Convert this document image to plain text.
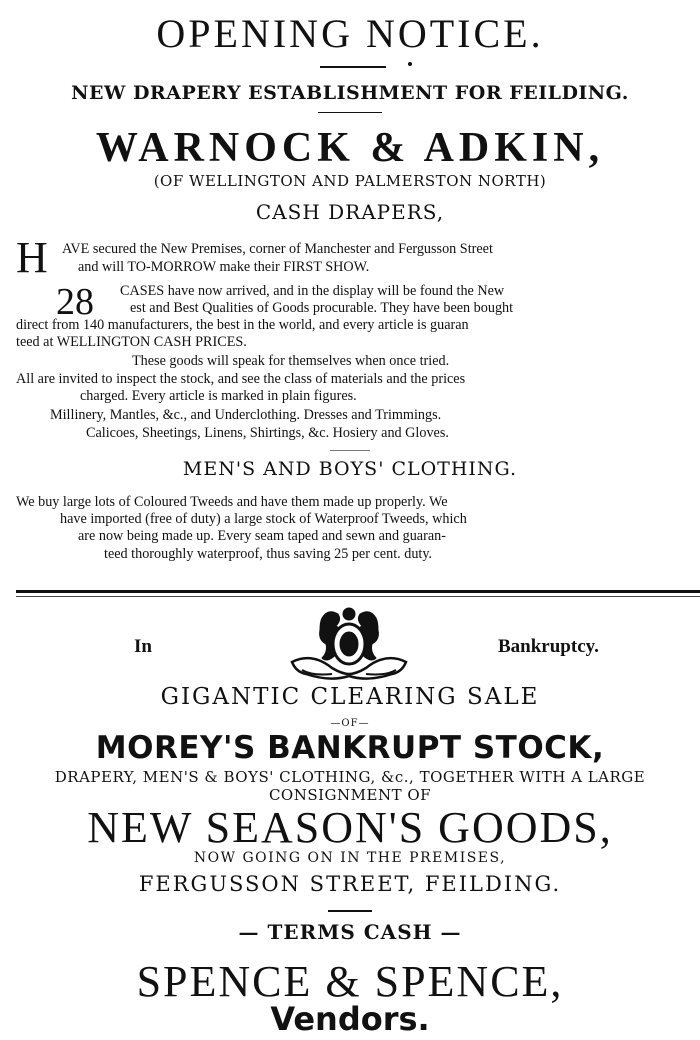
OPENING NOTICE.
NEW DRAPERY ESTABLISHMENT FOR FEILDING.
WARNOCK & ADKIN,
(OF WELLINGTON AND PALMERSTON NORTH)
CASH DRAPERS,
H AVE secured the New Premises, corner of Manchester and Fergusson Street
and will TO-MORROW make their FIRST SHOW.
28 CASES have now arrived, and in the display will be found the New
est and Best Qualities of Goods procurable. They have been bought
direct from 140 manufacturers, the best in the world, and every article is guaran
teed at WELLINGTON CASH PRICES.
These goods will speak for themselves when once tried.
All are invited to inspect the stock, and see the class of materials and the prices
charged. Every article is marked in plain figures.
Millinery, Mantles, &c., and Underclothing. Dresses and Trimmings.
Calicoes, Sheetings, Linens, Shirtings, &c. Hosiery and Gloves.
MEN'S AND BOYS' CLOTHING.
We buy large lots of Coloured Tweeds and have them made up properly. We
have imported (free of duty) a large stock of Waterproof Tweeds, which
are now being made up. Every seam taped and sewn and guaran-
teed thoroughly waterproof, thus saving 25 per cent. duty.
In	Bankruptcy.
GIGANTIC CLEARING SALE
—OF—
MOREY'S BANKRUPT STOCK,
DRAPERY, MEN'S & BOYS' CLOTHING, &c., TOGETHER WITH A LARGE
CONSIGNMENT OF
NEW SEASON'S GOODS,
NOW GOING ON IN THE PREMISES,
FERGUSSON STREET, FEILDING.
— TERMS CASH —
SPENCE & SPENCE,
Vendors.
